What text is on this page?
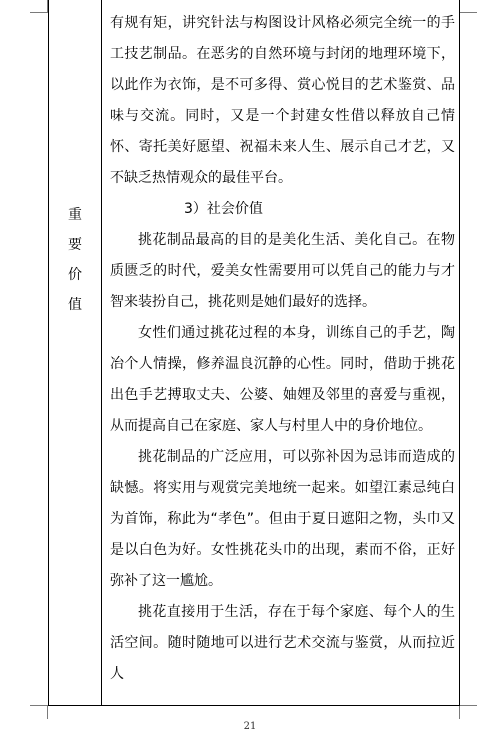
重
要
价
值

有规有矩，讲究针法与构图设计风格必须完全统一的手工技艺制品。在恶劣的自然环境与封闭的地理环境下，以此作为衣饰，是不可多得、赏心悦目的艺术鉴赏、品味与交流。同时，又是一个封建女性借以释放自己情怀、寄托美好愿望、祝福未来人生、展示自己才艺，又不缺乏热情观众的最佳平台。

3）社会价值

挑花制品最高的目的是美化生活、美化自己。在物质匮乏的时代，爱美女性需要用可以凭自己的能力与才智来装扮自己，挑花则是她们最好的选择。

女性们通过挑花过程的本身，训练自己的手艺，陶冶个人情操，修养温良沉静的心性。同时，借助于挑花出色手艺搏取丈夫、公婆、妯娌及邻里的喜爱与重视，从而提高自己在家庭、家人与村里人中的身价地位。

挑花制品的广泛应用，可以弥补因为忌讳而造成的缺憾。将实用与观赏完美地统一起来。如望江素忌纯白为首饰，称此为“孝色”。但由于夏日遮阳之物，头巾又是以白色为好。女性挑花头巾的出现，素而不俗，正好弥补了这一尴尬。

挑花直接用于生活，存在于每个家庭、每个人的生活空间。随时随地可以进行艺术交流与鉴赏，从而拉近人

21
